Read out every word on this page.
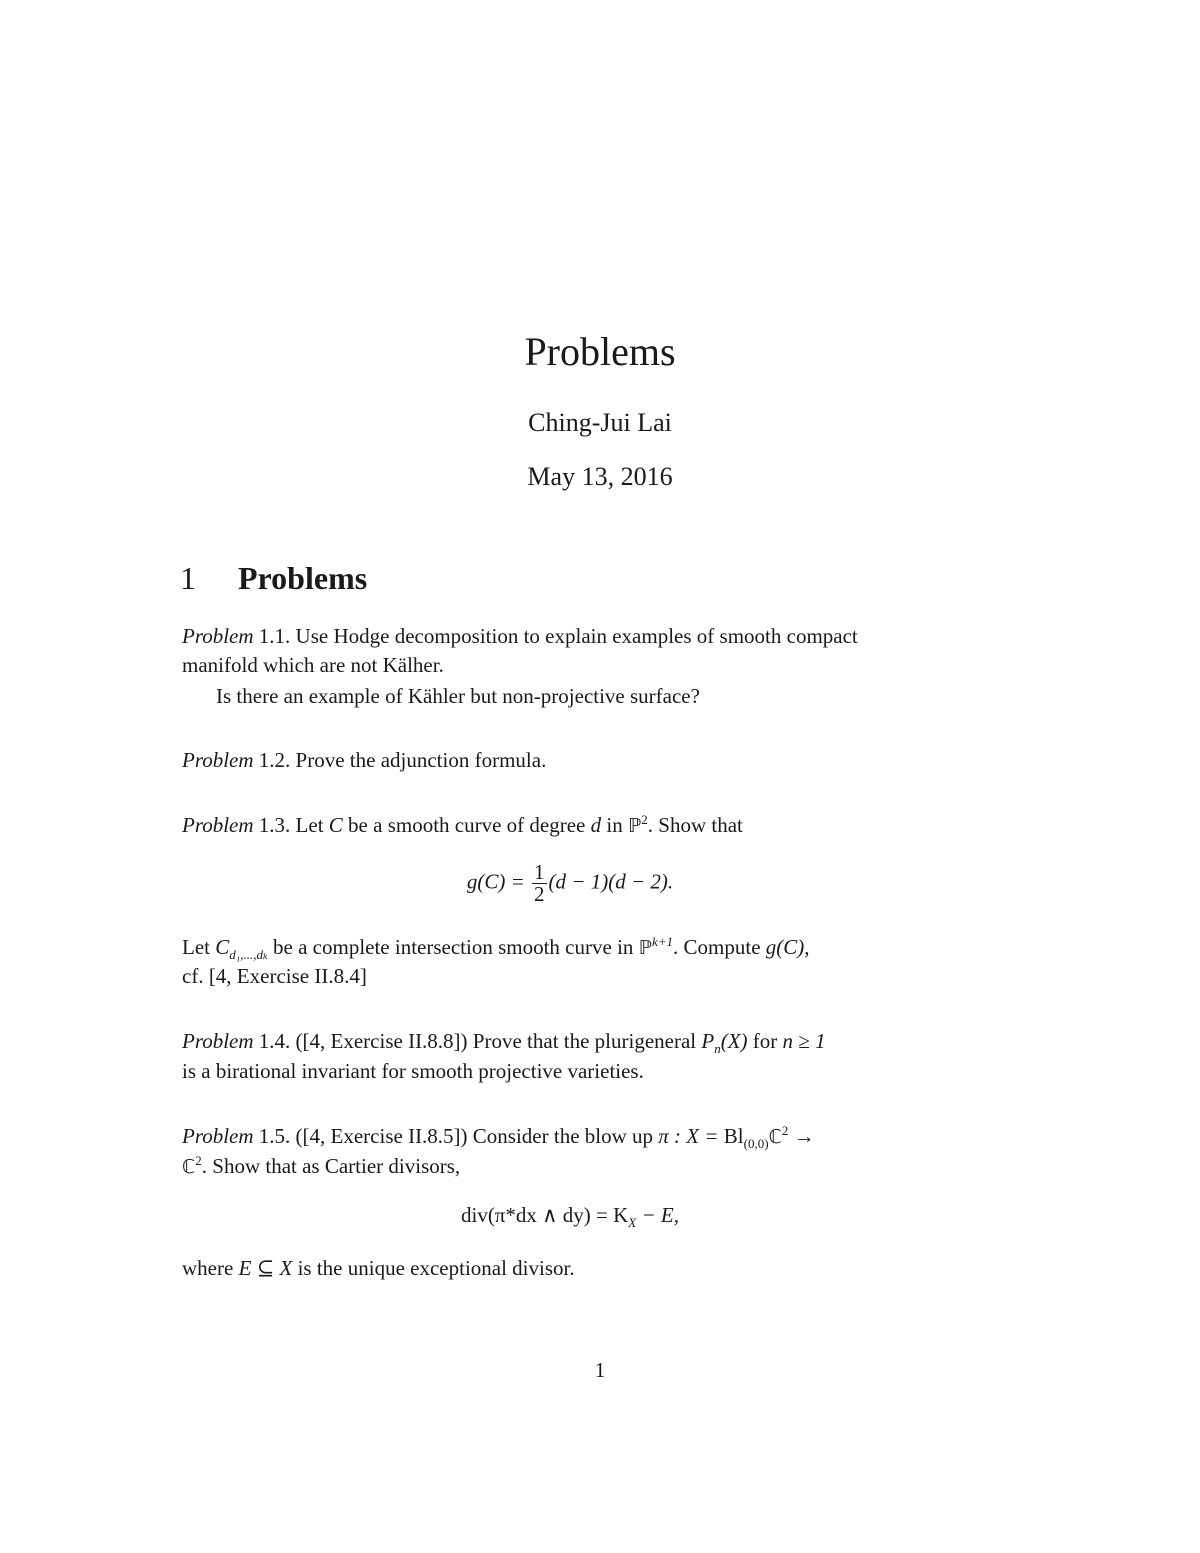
Problems
Ching-Jui Lai
May 13, 2016
1 Problems
Problem 1.1. Use Hodge decomposition to explain examples of smooth compact
manifold which are not Kälher.
Is there an example of Kähler but non-projective surface?
Problem 1.2. Prove the adjunction formula.
Problem 1.3. Let C be a smooth curve of degree d in ℙ$^2$. Show that
$g(C) = \frac{1}{2} (d - 1)(d - 2)$.
Let $C_{d_1,...,d_k}$ be a complete intersection smooth curve in ℙ$^{k+1}$. Compute g(C),
cf. [4, Exercise II.8.4]
Problem 1.4. ([4, Exercise II.8.8]) Prove that the plurigeneral $P_n(X)$ for n ≥ 1
is a birational invariant for smooth projective varieties.
Problem 1.5. ([4, Exercise II.8.5]) Consider the blow up π : $X = Bl_{(0,0)}ℂ^2$ →
ℂ$^2$. Show that as Cartier divisors,
div(π*dx ∧ $dy) = K_X - E$,
where E ⊆ X is the unique exceptional divisor.
1
